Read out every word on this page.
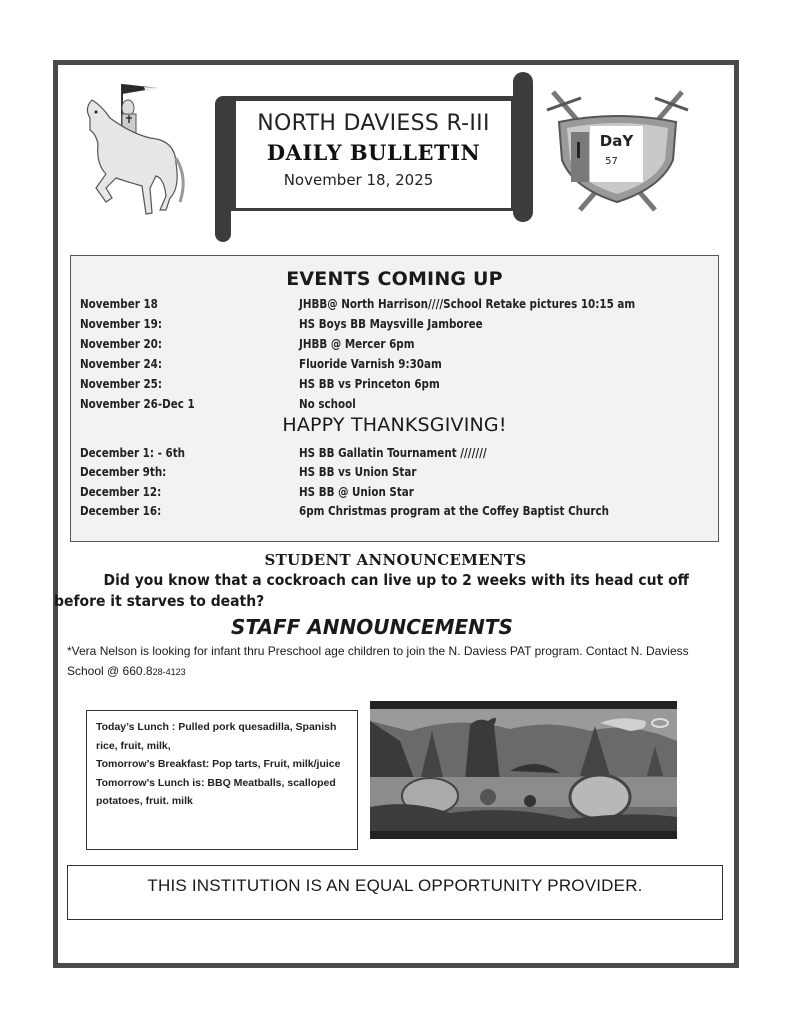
NORTH DAVIESS R-III
DAILY BULLETIN
November 18, 2025
DaY
57
EVENTS COMING UP
November 18	JHBB@ North Harrison////School Retake pictures 10:15 am
November 19:	HS Boys BB Maysville Jamboree
November 20:	JHBB @ Mercer 6pm
November 24:	Fluoride Varnish 9:30am
November 25:	HS BB vs Princeton 6pm
November 26-Dec 1	No school
HAPPY THANKSGIVING!
December 1: - 6th	HS BB Gallatin Tournament ///////
December 9th:	HS BB vs Union Star
December 12:	HS BB @ Union Star
December 16:	6pm Christmas program at the Coffey Baptist Church
STUDENT ANNOUNCEMENTS
Did you know that a cockroach can live up to 2 weeks with its head cut off before it starves to death?
STAFF ANNOUNCEMENTS
*Vera Nelson is looking for infant thru Preschool age children to join the N. Daviess PAT program. Contact N. Daviess School @ 660.828-4123
Today’s Lunch : Pulled pork quesadilla, Spanish rice, fruit, milk,
Tomorrow’s Breakfast: Pop tarts, Fruit, milk/juice
Tomorrow’s Lunch is: BBQ Meatballs, scalloped potatoes, fruit. milk
THIS INSTITUTION IS AN EQUAL OPPORTUNITY PROVIDER.
